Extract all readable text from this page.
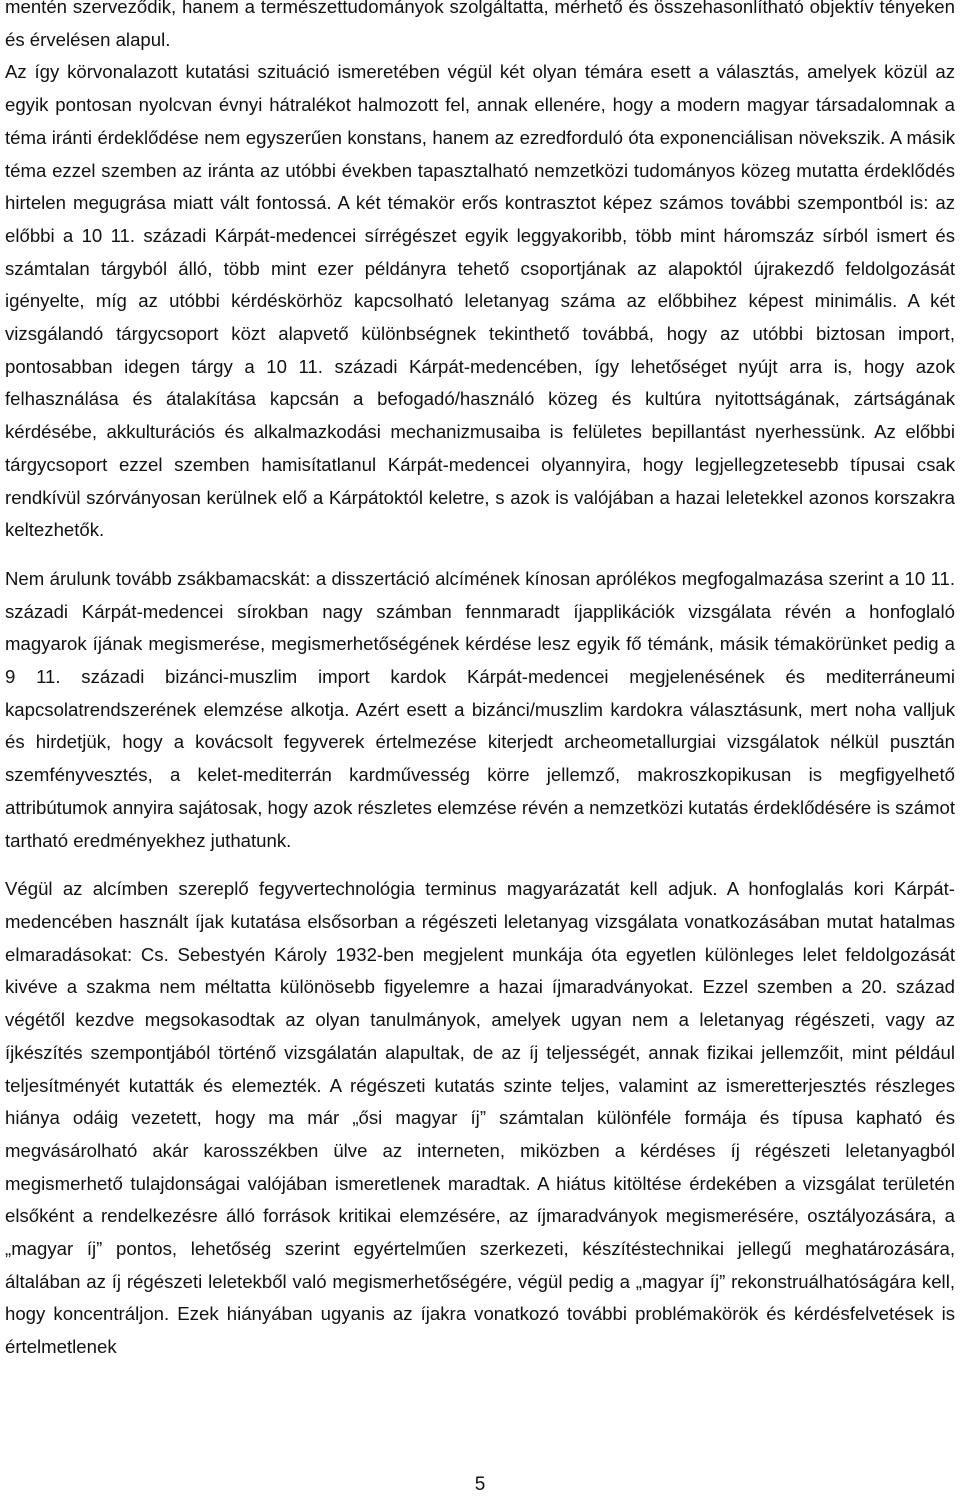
mentén szerveződik, hanem a természettudományok szolgáltatta, mérhető és összehasonlítható objektív tényeken és érvelésen alapul.

Az így körvonalazott kutatási szituáció ismeretében végül két olyan témára esett a választás, amelyek közül az egyik pontosan nyolcvan évnyi hátralékot halmozott fel, annak ellenére, hogy a modern magyar társadalomnak a téma iránti érdeklődése nem egyszerűen konstans, hanem az ezredforduló óta exponenciálisan növekszik. A másik téma ezzel szemben az iránta az utóbbi években tapasztalható nemzetközi tudományos közeg mutatta érdeklődés hirtelen megugrása miatt vált fontossá. A két témakör erős kontrasztot képez számos további szempontból is: az előbbi a 10 11. századi Kárpát-medencei sírrégészet egyik leggyakoribb, több mint háromszáz sírból ismert és számtalan tárgyból álló, több mint ezer példányra tehető csoportjának az alapoktól újrakezdő feldolgozását igényelte, míg az utóbbi kérdéskörhöz kapcsolható leletanyag száma az előbbihez képest minimális. A két vizsgálandó tárgycsoport közt alapvető különbségnek tekinthető továbbá, hogy az utóbbi biztosan import, pontosabban idegen tárgy a 10 11. századi Kárpát-medencében, így lehetőséget nyújt arra is, hogy azok felhasználása és átalakítása kapcsán a befogadó/használó közeg és kultúra nyitottságának, zártságának kérdésébe, akkulturációs és alkalmazkodási mechanizmusaiba is felületes bepillantást nyerhessünk. Az előbbi tárgycsoport ezzel szemben hamisítatlanul Kárpát-medencei olyannyira, hogy legjellegzetesebb típusai csak rendkívül szórványosan kerülnek elő a Kárpátoktól keletre, s azok is valójában a hazai leletekkel azonos korszakra keltezhetők.

Nem árulunk tovább zsákbamacskát: a disszertáció alcímének kínosan aprólékos megfogalmazása szerint a 10 11. századi Kárpát-medencei sírokban nagy számban fennmaradt íjapplikációk vizsgálata révén a honfoglaló magyarok íjának megismerése, megismerhetőségének kérdése lesz egyik fő témánk, másik témakörünket pedig a 9 11. századi bizánci-muszlim import kardok Kárpát-medencei megjelenésének és mediterráneumi kapcsolatrendszerének elemzése alkotja. Azért esett a bizánci/muszlim kardokra választásunk, mert noha valljuk és hirdetjük, hogy a kovácsolt fegyverek értelmezése kiterjedt archeometallurgiai vizsgálatok nélkül pusztán szemfényvesztés, a kelet-mediterrán kardművesség körre jellemző, makroszkopikusan is megfigyelhető attribútumok annyira sajátosak, hogy azok részletes elemzése révén a nemzetközi kutatás érdeklődésére is számot tartható eredményekhez juthatunk.

Végül az alcímben szereplő fegyvertechnológia terminus magyarázatát kell adjuk. A honfoglalás kori Kárpát-medencében használt íjak kutatása elsősorban a régészeti leletanyag vizsgálata vonatkozásában mutat hatalmas elmaradásokat: Cs. Sebestyén Károly 1932-ben megjelent munkája óta egyetlen különleges lelet feldolgozását kivéve a szakma nem méltatta különösebb figyelemre a hazai íjmaradványokat. Ezzel szemben a 20. század végétől kezdve megsokasodtak az olyan tanulmányok, amelyek ugyan nem a leletanyag régészeti, vagy az íjkészítés szempontjából történő vizsgálatán alapultak, de az íj teljességét, annak fizikai jellemzőit, mint például teljesítményét kutatták és elemezték. A régészeti kutatás szinte teljes, valamint az ismeretterjesztés részleges hiánya odáig vezetett, hogy ma már „ősi magyar íj” számtalan különféle formája és típusa kapható és megvásárolható akár karosszékben ülve az interneten, miközben a kérdéses íj régészeti leletanyagból megismerhető tulajdonságai valójában ismeretlenek maradtak. A hiátus kitöltése érdekében a vizsgálat területén elsőként a rendelkezésre álló források kritikai elemzésére, az íjmaradványok megismerésére, osztályozására, a „magyar íj” pontos, lehetőség szerint egyértelműen szerkezeti, készítéstechnikai jellegű meghatározására, általában az íj régészeti leletekből való megismerhetőségére, végül pedig a „magyar íj” rekonstruálhatóságára kell, hogy koncentráljon. Ezek hiányában ugyanis az íjakra vonatkozó további problémakörök és kérdésfelvetések is értelmetlenek

5
